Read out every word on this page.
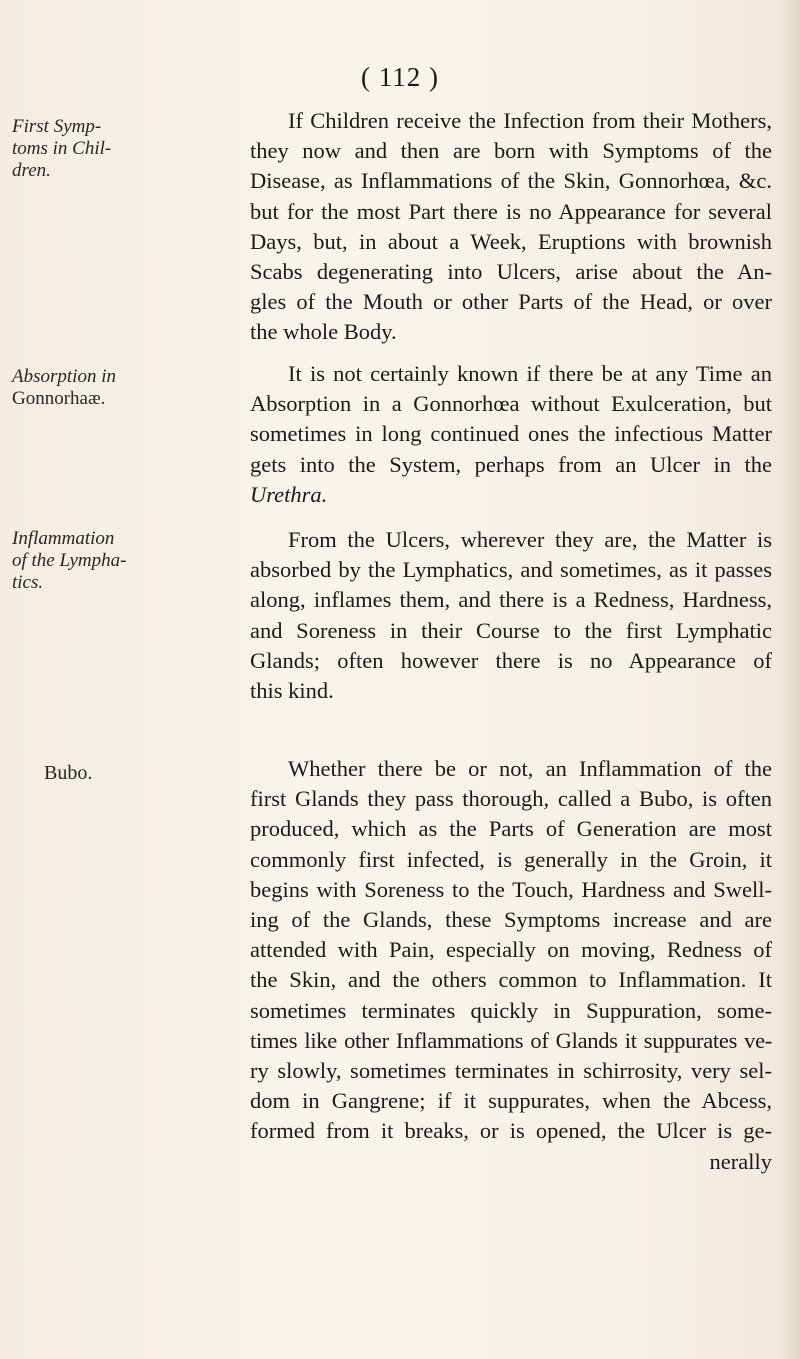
( 112 )
First Symp-
toms in Chil-
dren.
Absorption in
Gonnorhaæ.
Inflammation
of the Lympha-
tics.
Bubo.
If Children receive the Infection from their Mothers,
they now and then are born with Symptoms of the
Disease, as Inflammations of the Skin, Gonnorhœa, &c.
but for the most Part there is no Appearance for several
Days, but, in about a Week, Eruptions with brownish
Scabs degenerating into Ulcers, arise about the An-
gles of the Mouth or other Parts of the Head, or over
the whole Body.
It is not certainly known if there be at any Time an
Absorption in a Gonnorhœa without Exulceration, but
sometimes in long continued ones the infectious Matter
gets into the System, perhaps from an Ulcer in the
Urethra.
From the Ulcers, wherever they are, the Matter is
absorbed by the Lymphatics, and sometimes, as it passes
along, inflames them, and there is a Redness, Hardness,
and Soreness in their Course to the first Lymphatic
Glands; often however there is no Appearance of
this kind.
Whether there be or not, an Inflammation of the
first Glands they pass thorough, called a Bubo, is often
produced, which as the Parts of Generation are most
commonly first infected, is generally in the Groin, it
begins with Soreness to the Touch, Hardness and Swell-
ing of the Glands, these Symptoms increase and are
attended with Pain, especially on moving, Redness of
the Skin, and the others common to Inflammation. It
sometimes terminates quickly in Suppuration, some-
times like other Inflammations of Glands it suppurates ve-
ry slowly, sometimes terminates in schirrosity, very sel-
dom in Gangrene; if it suppurates, when the Abcess,
formed from it breaks, or is opened, the Ulcer is ge-
nerally
